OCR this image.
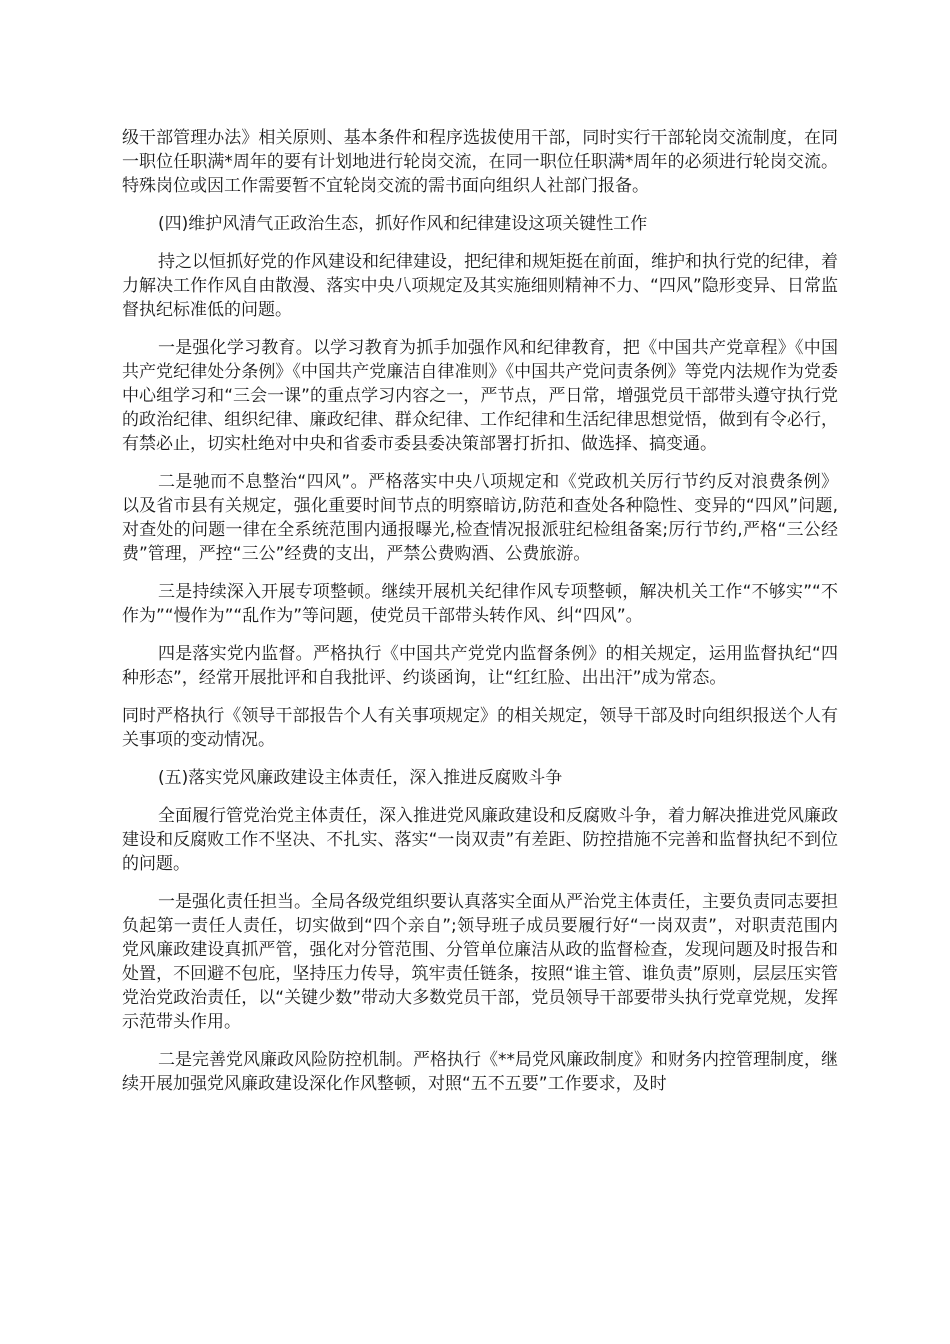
级干部管理办法》相关原则、基本条件和程序选拔使用干部，同时实行干部轮岗交流制度，在同一职位任职满*周年的要有计划地进行轮岗交流，在同一职位任职满*周年的必须进行轮岗交流。特殊岗位或因工作需要暂不宜轮岗交流的需书面向组织人社部门报备。

(四)维护风清气正政治生态，抓好作风和纪律建设这项关键性工作

持之以恒抓好党的作风建设和纪律建设，把纪律和规矩挺在前面，维护和执行党的纪律，着力解决工作作风自由散漫、落实中央八项规定及其实施细则精神不力、“四风”隐形变异、日常监督执纪标准低的问题。

一是强化学习教育。以学习教育为抓手加强作风和纪律教育，把《中国共产党章程》《中国共产党纪律处分条例》《中国共产党廉洁自律准则》《中国共产党问责条例》等党内法规作为党委中心组学习和“三会一课”的重点学习内容之一，严节点，严日常，增强党员干部带头遵守执行党的政治纪律、组织纪律、廉政纪律、群众纪律、工作纪律和生活纪律思想觉悟，做到有令必行，有禁必止，切实杜绝对中央和省委市委县委决策部署打折扣、做选择、搞变通。

二是驰而不息整治“四风”。严格落实中央八项规定和《党政机关厉行节约反对浪费条例》以及省市县有关规定，强化重要时间节点的明察暗访,防范和查处各种隐性、变异的“四风”问题,对查处的问题一律在全系统范围内通报曝光,检查情况报派驻纪检组备案;厉行节约,严格“三公经费”管理，严控“三公”经费的支出，严禁公费购酒、公费旅游。

三是持续深入开展专项整顿。继续开展机关纪律作风专项整顿，解决机关工作“不够实”“不作为”“慢作为”“乱作为”等问题，使党员干部带头转作风、纠“四风”。

四是落实党内监督。严格执行《中国共产党党内监督条例》的相关规定，运用监督执纪“四种形态”，经常开展批评和自我批评、约谈函询，让“红红脸、出出汗”成为常态。

同时严格执行《领导干部报告个人有关事项规定》的相关规定，领导干部及时向组织报送个人有关事项的变动情况。

(五)落实党风廉政建设主体责任，深入推进反腐败斗争

全面履行管党治党主体责任，深入推进党风廉政建设和反腐败斗争，着力解决推进党风廉政建设和反腐败工作不坚决、不扎实、落实“一岗双责”有差距、防控措施不完善和监督执纪不到位的问题。

一是强化责任担当。全局各级党组织要认真落实全面从严治党主体责任，主要负责同志要担负起第一责任人责任，切实做到“四个亲自”;领导班子成员要履行好“一岗双责”，对职责范围内党风廉政建设真抓严管，强化对分管范围、分管单位廉洁从政的监督检查，发现问题及时报告和处置，不回避不包庇，坚持压力传导，筑牢责任链条，按照“谁主管、谁负责”原则，层层压实管党治党政治责任，以“关键少数”带动大多数党员干部，党员领导干部要带头执行党章党规，发挥示范带头作用。

二是完善党风廉政风险防控机制。严格执行《**局党风廉政制度》和财务内控管理制度，继续开展加强党风廉政建设深化作风整顿，对照“五不五要”工作要求，及时
